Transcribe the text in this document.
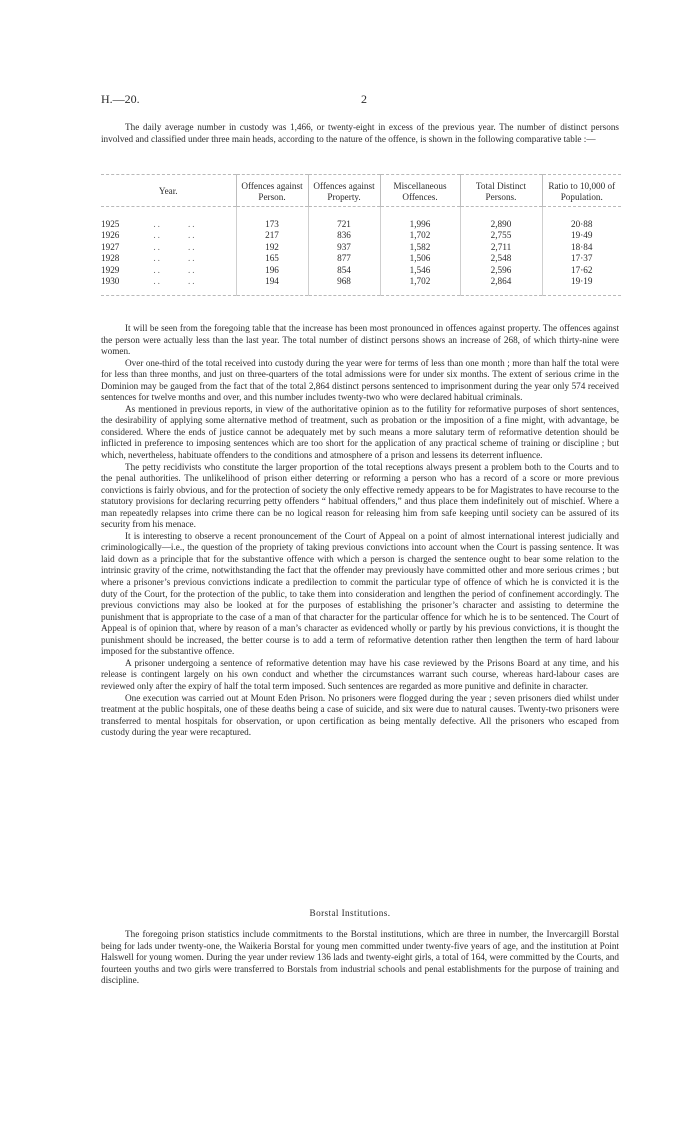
H.—20.	2

The daily average number in custody was 1,466, or twenty-eight in excess of the previous year. The number of distinct persons involved and classified under three main heads, according to the nature of the offence, is shown in the following comparative table :—

Year.	Offences against Person.	Offences against Property.	Miscellaneous Offences.	Total Distinct Persons.	Ratio to 10,000 of Population.

1925 .. ..	173	721	1,996	2,890	20·88
1926 .. ..	217	836	1,702	2,755	19·49
1927 .. ..	192	937	1,582	2,711	18·84
1928 .. ..	165	877	1,506	2,548	17·37
1929 .. ..	196	854	1,546	2,596	17·62
1930 .. ..	194	968	1,702	2,864	19·19

It will be seen from the foregoing table that the increase has been most pronounced in offences against property. The offences against the person were actually less than the last year. The total number of distinct persons shows an increase of 268, of which thirty-nine were women.

Over one-third of the total received into custody during the year were for terms of less than one month ; more than half the total were for less than three months, and just on three-quarters of the total admissions were for under six months. The extent of serious crime in the Dominion may be gauged from the fact that of the total 2,864 distinct persons sentenced to imprisonment during the year only 574 received sentences for twelve months and over, and this number includes twenty-two who were declared habitual criminals.

As mentioned in previous reports, in view of the authoritative opinion as to the futility for reformative purposes of short sentences, the desirability of applying some alternative method of treatment, such as probation or the imposition of a fine might, with advantage, be considered. Where the ends of justice cannot be adequately met by such means a more salutary term of reformative detention should be inflicted in preference to imposing sentences which are too short for the application of any practical scheme of training or discipline ; but which, nevertheless, habituate offenders to the conditions and atmosphere of a prison and lessens its deterrent influence.

The petty recidivists who constitute the larger proportion of the total receptions always present a problem both to the Courts and to the penal authorities. The unlikelihood of prison either deterring or reforming a person who has a record of a score or more previous convictions is fairly obvious, and for the protection of society the only effective remedy appears to be for Magistrates to have recourse to the statutory provisions for declaring recurring petty offenders “ habitual offenders,” and thus place them indefinitely out of mischief. Where a man repeatedly relapses into crime there can be no logical reason for releasing him from safe keeping until society can be assured of its security from his menace.

It is interesting to observe a recent pronouncement of the Court of Appeal on a point of almost international interest judicially and criminologically—i.e., the question of the propriety of taking previous convictions into account when the Court is passing sentence. It was laid down as a principle that for the substantive offence with which a person is charged the sentence ought to bear some relation to the intrinsic gravity of the crime, notwithstanding the fact that the offender may previously have committed other and more serious crimes ; but where a prisoner’s previous convictions indicate a predilection to commit the particular type of offence of which he is convicted it is the duty of the Court, for the protection of the public, to take them into consideration and lengthen the period of confinement accordingly. The previous convictions may also be looked at for the purposes of establishing the prisoner’s character and assisting to determine the punishment that is appropriate to the case of a man of that character for the particular offence for which he is to be sentenced. The Court of Appeal is of opinion that, where by reason of a man’s character as evidenced wholly or partly by his previous convictions, it is thought the punishment should be increased, the better course is to add a term of reformative detention rather then lengthen the term of hard labour imposed for the substantive offence.

A prisoner undergoing a sentence of reformative detention may have his case reviewed by the Prisons Board at any time, and his release is contingent largely on his own conduct and whether the circumstances warrant such course, whereas hard-labour cases are reviewed only after the expiry of half the total term imposed. Such sentences are regarded as more punitive and definite in character.

One execution was carried out at Mount Eden Prison. No prisoners were flogged during the year ; seven prisoners died whilst under treatment at the public hospitals, one of these deaths being a case of suicide, and six were due to natural causes. Twenty-two prisoners were transferred to mental hospitals for observation, or upon certification as being mentally defective. All the prisoners who escaped from custody during the year were recaptured.

Borstal Institutions.

The foregoing prison statistics include commitments to the Borstal institutions, which are three in number, the Invercargill Borstal being for lads under twenty-one, the Waikeria Borstal for young men committed under twenty-five years of age, and the institution at Point Halswell for young women. During the year under review 136 lads and twenty-eight girls, a total of 164, were committed by the Courts, and fourteen youths and two girls were transferred to Borstals from industrial schools and penal establishments for the purpose of training and discipline.
